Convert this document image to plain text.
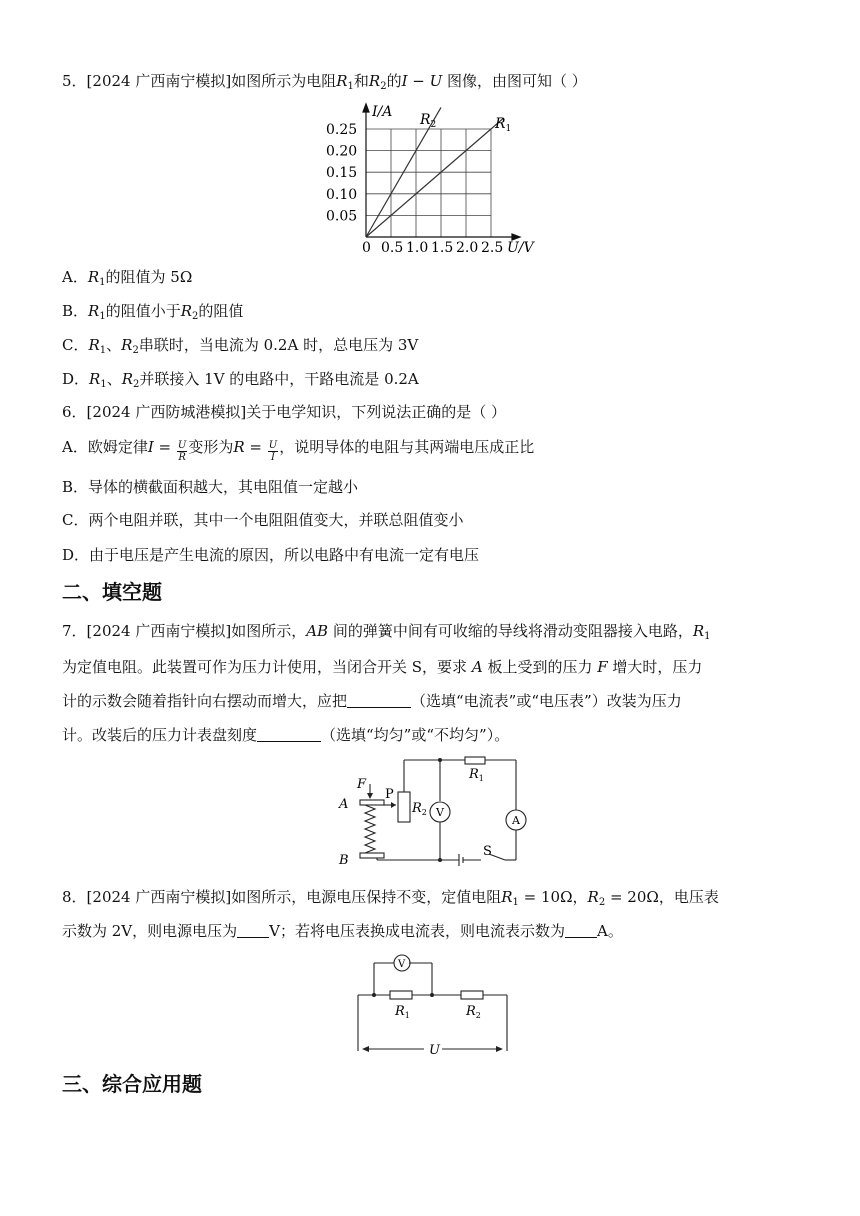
5．[2024 广西南宁模拟]如图所示为电阻$R_1$和$R_2$的I − U 图像，由图可知（ ）
I/A
U/V
0
0.25
0.20
0.15
0.10
0.05
0.5 1.0 1.5 2.0 2.5
$R_2$	$R_1$
A．$R_1$的阻值为 5Ω
B．$R_1$的阻值小于$R_2$的阻值
C．$R_1$、$R_2$串联时，当电流为 0.2A 时，总电压为 3V
D．$R_1$、$R_2$并联接入 1V 的电路中，干路电流是 0.2A
6．[2024 广西防城港模拟]关于电学知识，下列说法正确的是（ ）
A．欧姆定律$I = \frac{U}{R}$ 变形为$R = \frac{U}{I}$ ，说明导体的电阻与其两端电压成正比
B．导体的横截面积越大，其电阻值一定越小
C．两个电阻并联，其中一个电阻阻值变大，并联总阻值变小
D．由于电压是产生电流的原因，所以电路中有电流一定有电压
二、填空题
7．[2024 广西南宁模拟]如图所示，AB 间的弹簧中间有可收缩的导线将滑动变阻器接入电路，$R_1$
为定值电阻。此装置可作为压力计使用，当闭合开关 S，要求 A 板上受到的压力 F 增大时，压力
计的示数会随着指针向右摆动而增大，应把	（选填“电流表”或“电压表”）改装为压力
计。改装后的压力计表盘刻度	（选填“均匀”或“不均匀”）。
F
A
B
P
$R_2$
$R_1$
V
A
S
8．[2024 广西南宁模拟]如图所示，电源电压保持不变，定值电阻$R_1 = 10\Omega$，$R_2 = 20\Omega$，电压表
示数为 2V，则电源电压为 V；若将电压表换成电流表，则电流表示数为 A。
V
$R_1$	$R_2$
U
三、综合应用题
